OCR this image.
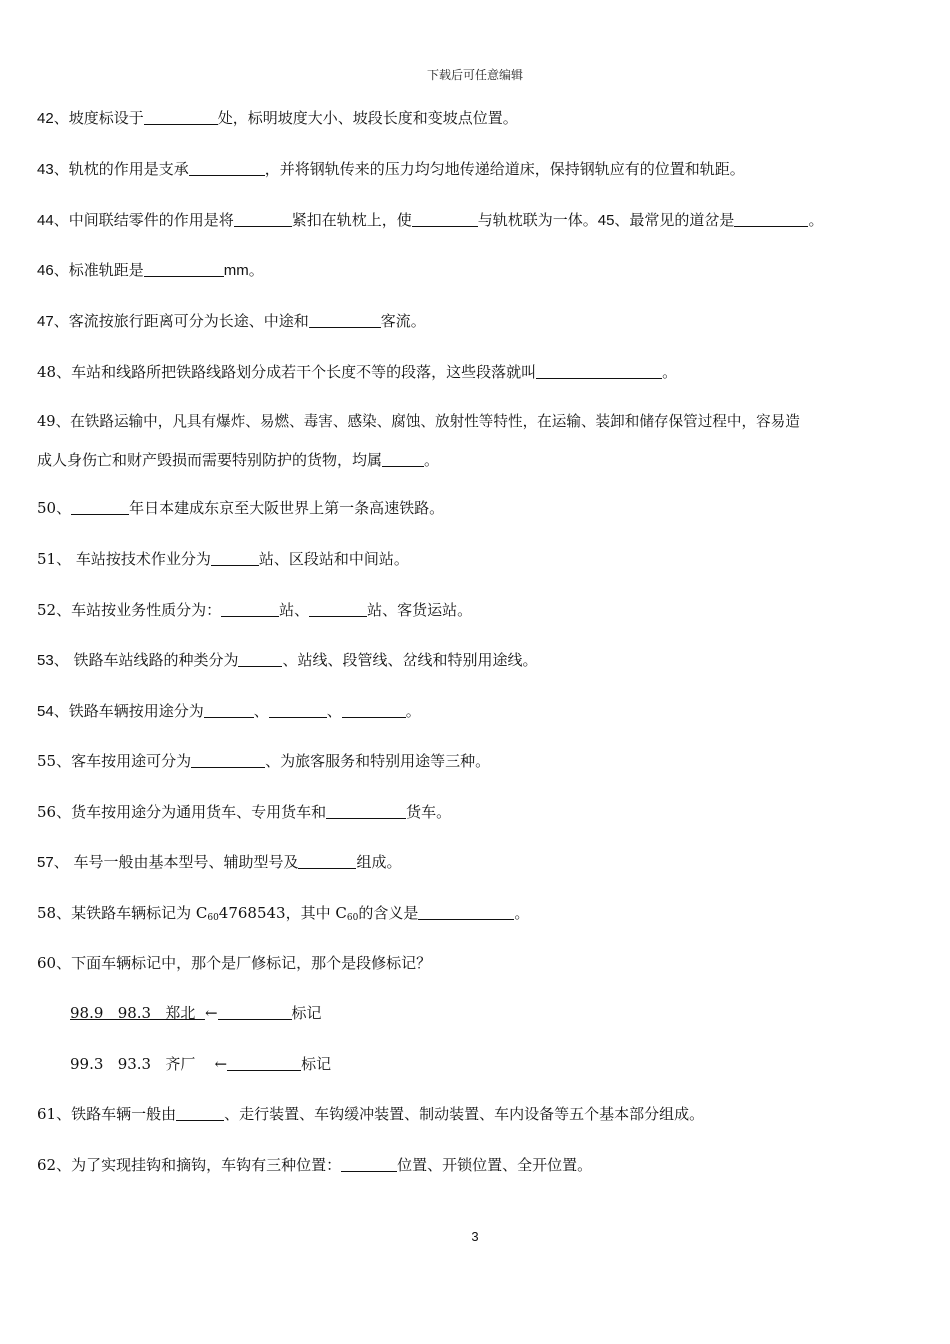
下载后可任意编辑
42、坡度标设于	处，标明坡度大小、坡段长度和变坡点位置。
43、轨枕的作用是支承	，并将钢轨传来的压力均匀地传递给道床，保持钢轨应有的位置和轨距。
44、中间联结零件的作用是将	紧扣在轨枕上，使	与轨枕联为一体。45、最常见的道岔是	。
46、标准轨距是	mm。
47、客流按旅行距离可分为长途、中途和	客流。
48、车站和线路所把铁路线路划分成若干个长度不等的段落，这些段落就叫	。
49、在铁路运输中，凡具有爆炸、易燃、毒害、感染、腐蚀、放射性等特性，在运输、装卸和储存保管过程中，容易造
成人身伤亡和财产毁损而需要特别防护的货物，均属	。
50、	年日本建成东京至大阪世界上第一条高速铁路。
51、 车站按技术作业分为	站、区段站和中间站。
52、车站按业务性质分为：	站、	站、客货运站。
53、 铁路车站线路的种类分为	、站线、段管线、岔线和特别用途线。
54、铁路车辆按用途分为	、	、	。
55、客车按用途可分为	、为旅客服务和特别用途等三种。
56、货车按用途分为通用货车、专用货车和	货车。
57、 车号一般由基本型号、辅助型号及	组成。
58、某铁路车辆标记为 $C_{60}4768543$，其中 $C_{60}$的含义是	。
60、下面车辆标记中，那个是厂修标记，那个是段修标记？
98.9   98.3   郑北  ←	标记
99.3   93.3   齐厂    ←	标记
61、铁路车辆一般由	、走行装置、车钩缓冲装置、制动装置、车内设备等五个基本部分组成。
62、为了实现挂钩和摘钩，车钩有三种位置：	位置、开锁位置、全开位置。
3
